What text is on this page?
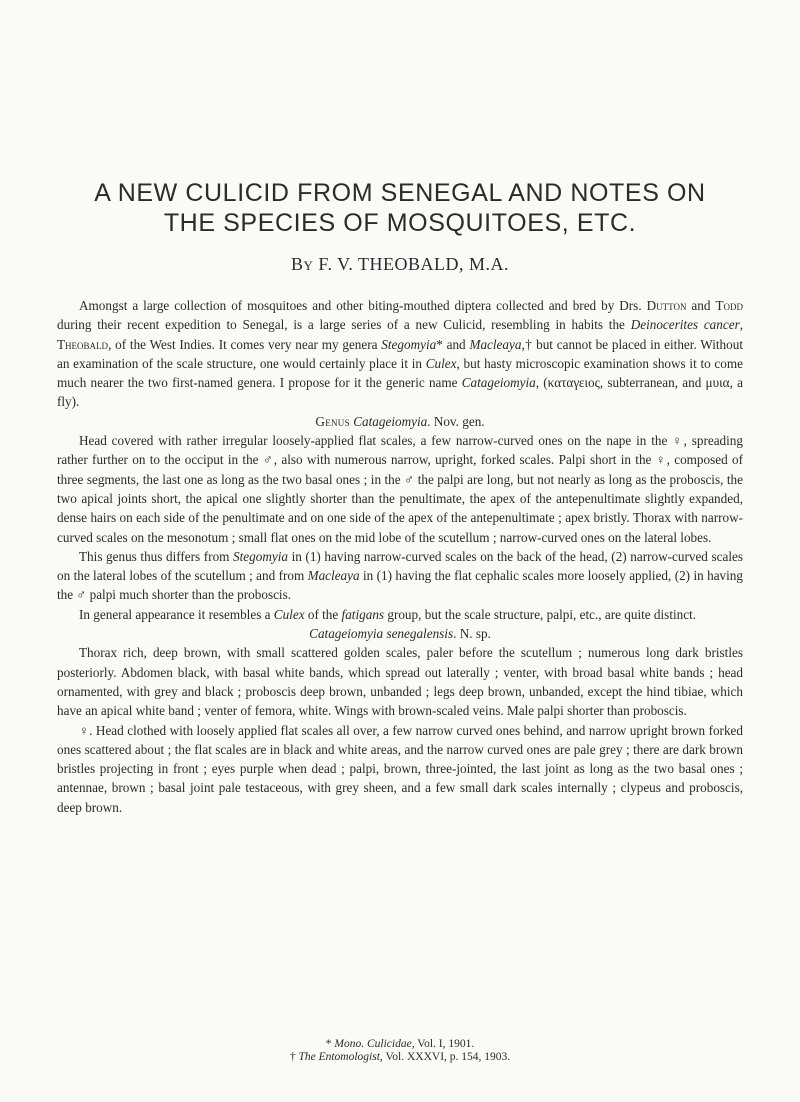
A NEW CULICID FROM SENEGAL AND NOTES ON
THE SPECIES OF MOSQUITOES, ETC.
By F. V. THEOBALD, M.A.

Amongst a large collection of mosquitoes and other biting-mouthed diptera collected and bred by Drs. Dutton and Todd during their recent expedition to Senegal, is a large series of a new Culicid, resembling in habits the Deinocerites cancer, Theobald, of the West Indies. It comes very near my genera Stegomyia* and Macleaya,† but cannot be placed in either. Without an examination of the scale structure, one would certainly place it in Culex, but hasty microscopic examination shows it to come much nearer the two first-named genera. I propose for it the generic name Catageiomyia, (καταγειος, subterranean, and μυια, a fly).

Genus Catageiomyia. Nov. gen.

Head covered with rather irregular loosely-applied flat scales, a few narrow-curved ones on the nape in the ♀, spreading rather further on to the occiput in the ♂, also with numerous narrow, upright, forked scales. Palpi short in the ♀, composed of three segments, the last one as long as the two basal ones ; in the ♂ the palpi are long, but not nearly as long as the proboscis, the two apical joints short, the apical one slightly shorter than the penultimate, the apex of the antepenultimate slightly expanded, dense hairs on each side of the penultimate and on one side of the apex of the antepenultimate ; apex bristly. Thorax with narrow-curved scales on the mesonotum ; small flat ones on the mid lobe of the scutellum ; narrow-curved ones on the lateral lobes.

This genus thus differs from Stegomyia in (1) having narrow-curved scales on the back of the head, (2) narrow-curved scales on the lateral lobes of the scutellum ; and from Macleaya in (1) having the flat cephalic scales more loosely applied, (2) in having the ♂ palpi much shorter than the proboscis.

In general appearance it resembles a Culex of the fatigans group, but the scale structure, palpi, etc., are quite distinct.

Catageiomyia senegalensis. N. sp.

Thorax rich, deep brown, with small scattered golden scales, paler before the scutellum ; numerous long dark bristles posteriorly. Abdomen black, with basal white bands, which spread out laterally ; venter, with broad basal white bands ; head ornamented, with grey and black ; proboscis deep brown, unbanded ; legs deep brown, unbanded, except the hind tibiae, which have an apical white band ; venter of femora, white. Wings with brown-scaled veins. Male palpi shorter than proboscis.

♀. Head clothed with loosely applied flat scales all over, a few narrow curved ones behind, and narrow upright brown forked ones scattered about ; the flat scales are in black and white areas, and the narrow curved ones are pale grey ; there are dark brown bristles projecting in front ; eyes purple when dead ; palpi, brown, three-jointed, the last joint as long as the two basal ones ; antennae, brown ; basal joint pale testaceous, with grey sheen, and a few small dark scales internally ; clypeus and proboscis, deep brown.

* Mono. Culicidae, Vol. I, 1901.

† The Entomologist, Vol. XXXVI, p. 154, 1903.
